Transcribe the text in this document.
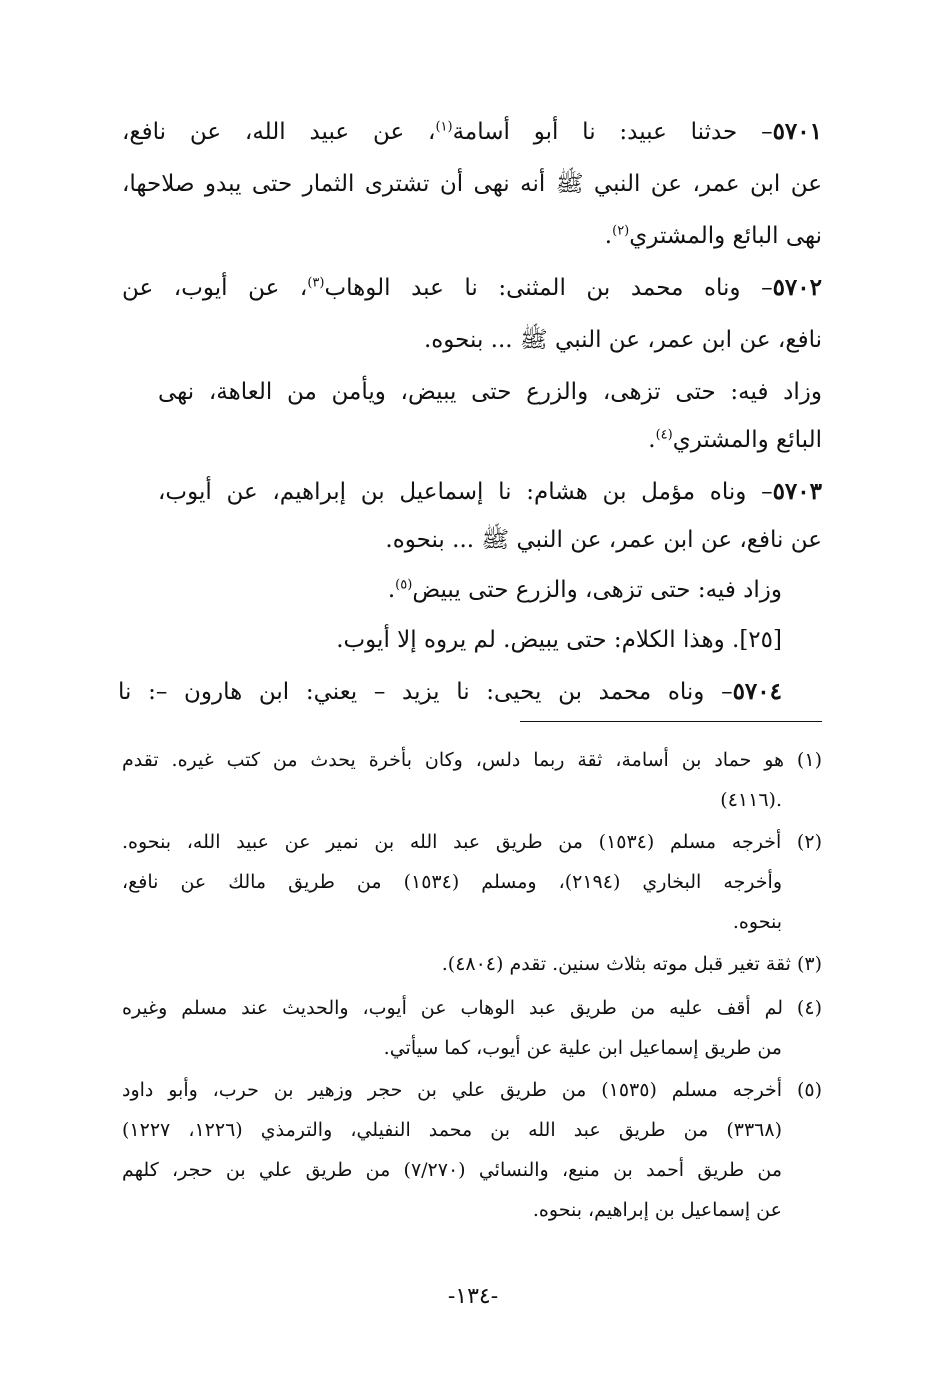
٥٧٠١– حدثنا عبيد: نا أبو أسامة$^{(١)}$، عن عبيد الله، عن نافع،
عن ابن عمر، عن النبي ﷺ أنه نهى أن تشترى الثمار حتى يبدو صلاحها،
نهى البائع والمشتري$^{(٢)}$.
٥٧٠٢– وناه محمد بن المثنى: نا عبد الوهاب$^{(٣)}$، عن أيوب، عن
نافع، عن ابن عمر، عن النبي ﷺ ... بنحوه.
وزاد فيه: حتى تزهى، والزرع حتى يبيض، ويأمن من العاهة، نهى
البائع والمشتري$^{(٤)}$.
٥٧٠٣– وناه مؤمل بن هشام: نا إسماعيل بن إبراهيم، عن أيوب،
عن نافع، عن ابن عمر، عن النبي ﷺ ... بنحوه.
وزاد فيه: حتى تزهى، والزرع حتى يبيض$^{(٥)}$.
[٢٥]. وهذا الكلام: حتى يبيض. لم يروه إلا أيوب.
٥٧٠٤– وناه محمد بن يحيى: نا يزيد – يعني: ابن هارون –: نا
(١) هو حماد بن أسامة، ثقة ربما دلس، وكان بأخرة يحدث من كتب غيره. تقدم
(٤١١٦).
(٢) أخرجه مسلم (١٥٣٤) من طريق عبد الله بن نمير عن عبيد الله، بنحوه.
وأخرجه البخاري (٢١٩٤)، ومسلم (١٥٣٤) من طريق مالك عن نافع،
بنحوه.
(٣) ثقة تغير قبل موته بثلاث سنين. تقدم (٤٨٠٤).
(٤) لم أقف عليه من طريق عبد الوهاب عن أيوب، والحديث عند مسلم وغيره
من طريق إسماعيل ابن علية عن أيوب، كما سيأتي.
(٥) أخرجه مسلم (١٥٣٥) من طريق علي بن حجر وزهير بن حرب، وأبو داود
(٣٣٦٨) من طريق عبد الله بن محمد النفيلي، والترمذي (١٢٢٦، ١٢٢٧)
من طريق أحمد بن منيع، والنسائي (٧/٢٧٠) من طريق علي بن حجر، كلهم
عن إسماعيل بن إبراهيم، بنحوه.
-١٣٤-
